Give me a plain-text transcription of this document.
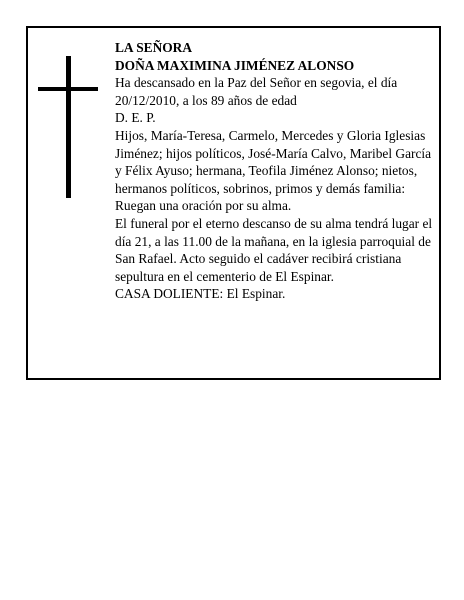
LA SEÑORA

DOÑA MAXIMINA JIMÉNEZ ALONSO

Ha descansado en la Paz del Señor en segovia, el día 20/12/2010, a los 89 años de edad

D. E. P.

Hijos, María-Teresa, Carmelo, Mercedes y Gloria Iglesias Jiménez; hijos políticos, José-María Calvo, Maribel García y Félix Ayuso; hermana, Teofila Jiménez Alonso; nietos, hermanos políticos, sobrinos, primos y demás familia:

Ruegan una oración por su alma.

El funeral por el eterno descanso de su alma tendrá lugar el día 21, a las 11.00 de la mañana, en la iglesia parroquial de San Rafael. Acto seguido el cadáver recibirá cristiana sepultura en el cementerio de El Espinar.

CASA DOLIENTE: El Espinar.
